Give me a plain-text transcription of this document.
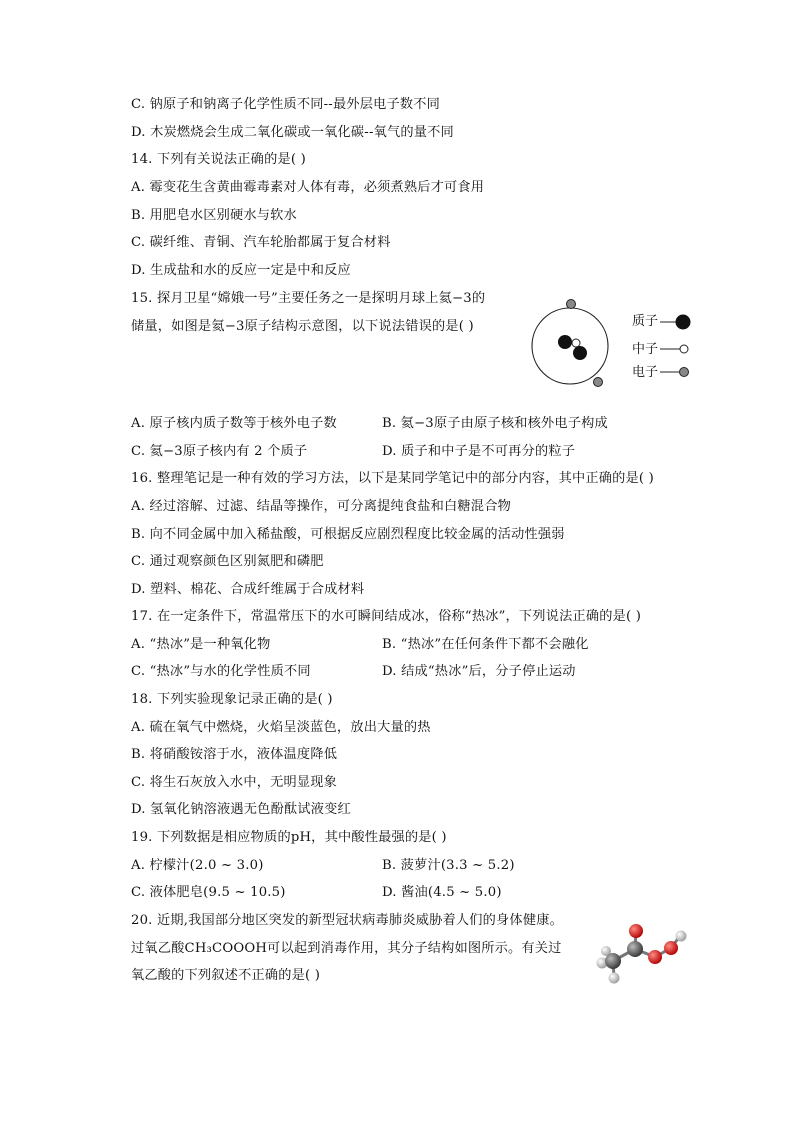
C. 钠原子和钠离子化学性质不同--最外层电子数不同
D. 木炭燃烧会生成二氧化碳或一氧化碳--氧气的量不同
14. 下列有关说法正确的是( )
A. 霉变花生含黄曲霉毒素对人体有毒，必须煮熟后才可食用
B. 用肥皂水区别硬水与软水
C. 碳纤维、青铜、汽车轮胎都属于复合材料
D. 生成盐和水的反应一定是中和反应
15. 探月卫星“嫦娥一号”主要任务之一是探明月球上氦−3的
储量，如图是氦−3原子结构示意图，以下说法错误的是( )	质子
中子
电子
A. 原子核内质子数等于核外电子数	B. 氦−3原子由原子核和核外电子构成
C. 氦−3原子核内有 2 个质子	D. 质子和中子是不可再分的粒子
16. 整理笔记是一种有效的学习方法，以下是某同学笔记中的部分内容，其中正确的是( )
A. 经过溶解、过滤、结晶等操作，可分离提纯食盐和白糖混合物
B. 向不同金属中加入稀盐酸，可根据反应剧烈程度比较金属的活动性强弱
C. 通过观察颜色区别氮肥和磷肥
D. 塑料、棉花、合成纤维属于合成材料
17. 在一定条件下，常温常压下的水可瞬间结成冰，俗称“热冰”，下列说法正确的是( )
A. “热冰”是一种氧化物	B. “热冰”在任何条件下都不会融化
C. “热冰”与水的化学性质不同	D. 结成“热冰”后，分子停止运动
18. 下列实验现象记录正确的是( )
A. 硫在氧气中燃烧，火焰呈淡蓝色，放出大量的热
B. 将硝酸铵溶于水，液体温度降低
C. 将生石灰放入水中，无明显现象
D. 氢氧化钠溶液遇无色酚酞试液变红
19. 下列数据是相应物质的pH，其中酸性最强的是( )
A. 柠檬汁(2.0 ~ 3.0)	B. 菠萝汁(3.3 ~ 5.2)
C. 液体肥皂(9.5 ~ 10.5)	D. 酱油(4.5 ~ 5.0)
20. 近期,我国部分地区突发的新型冠状病毒肺炎威胁着人们的身体健康。
过氧乙酸CH₃COOOH可以起到消毒作用，其分子结构如图所示。有关过
氧乙酸的下列叙述不正确的是( )
